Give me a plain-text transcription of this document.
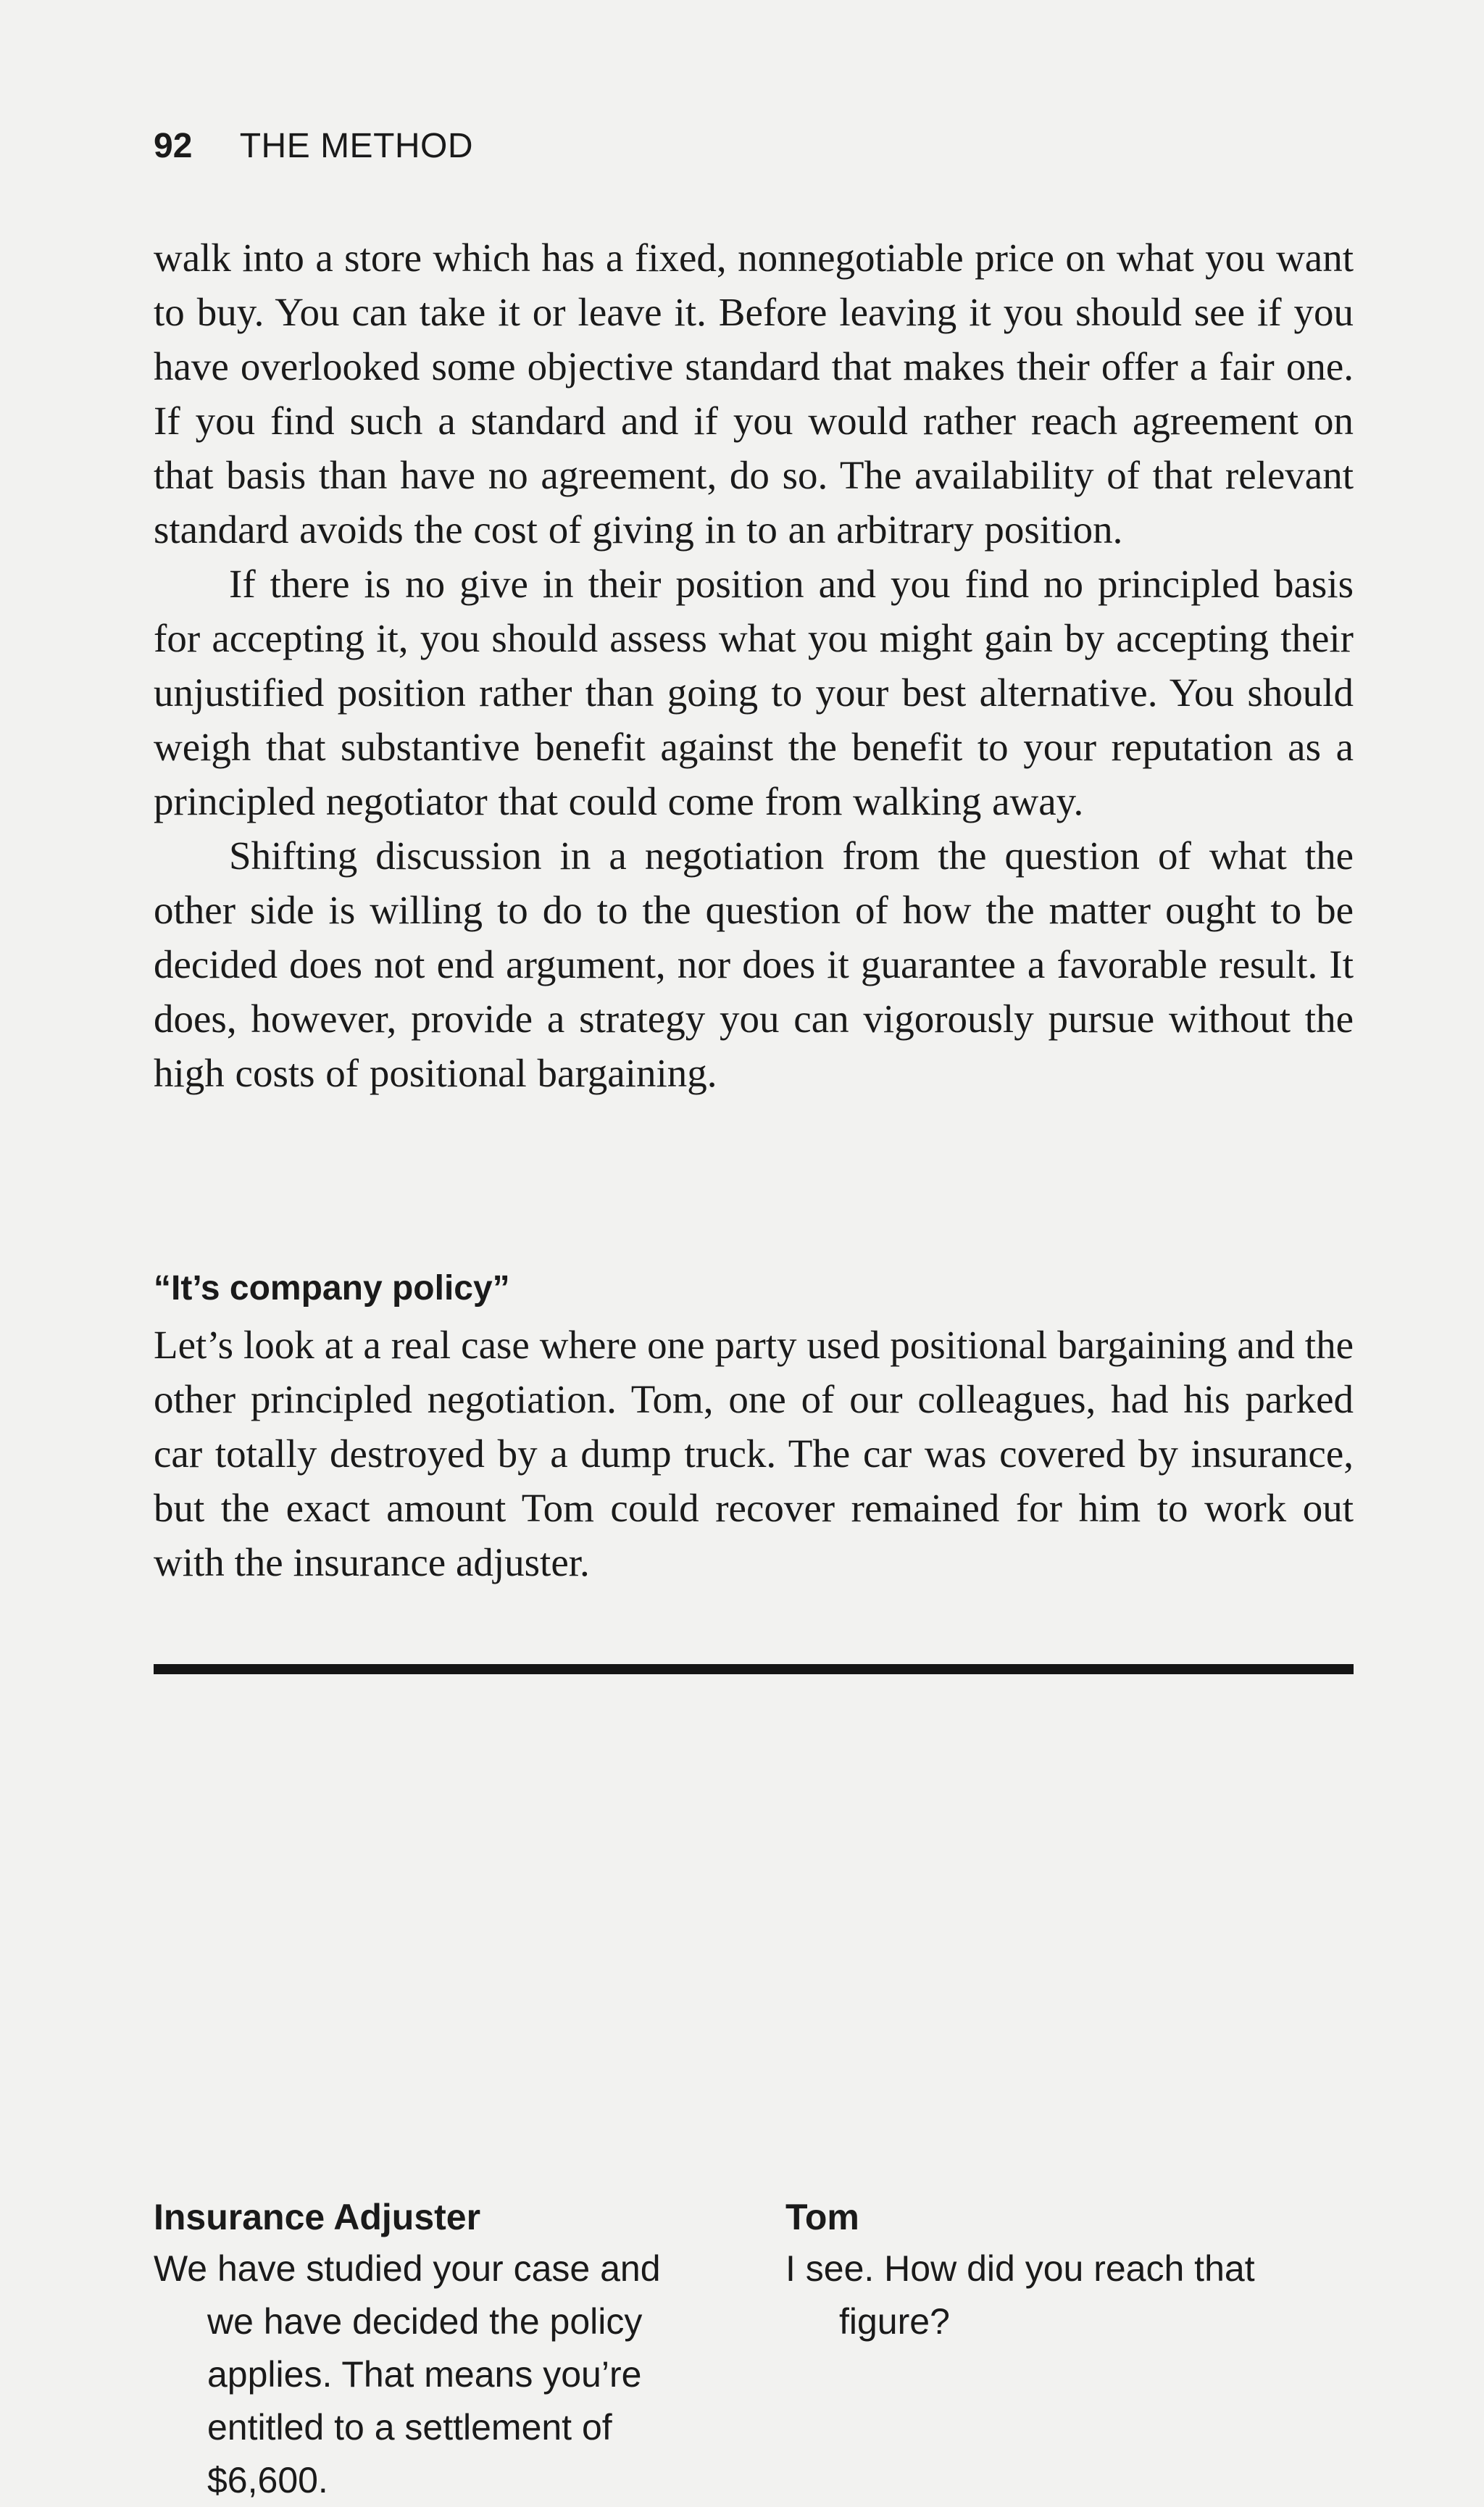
92 THE METHOD

walk into a store which has a fixed, nonnegotiable price on what you want to buy. You can take it or leave it. Before leaving it you should see if you have overlooked some objective standard that makes their offer a fair one. If you find such a standard and if you would rather reach agreement on that basis than have no agreement, do so. The availability of that relevant standard avoids the cost of giving in to an arbitrary position.

If there is no give in their position and you find no principled basis for accepting it, you should assess what you might gain by accepting their unjustified position rather than going to your best alternative. You should weigh that substantive benefit against the benefit to your reputation as a principled negotiator that could come from walking away.

Shifting discussion in a negotiation from the question of what the other side is willing to do to the question of how the matter ought to be decided does not end argument, nor does it guarantee a favorable result. It does, however, provide a strategy you can vigorously pursue without the high costs of positional bargaining.

“It’s company policy”

Let’s look at a real case where one party used positional bargaining and the other principled negotiation. Tom, one of our colleagues, had his parked car totally destroyed by a dump truck. The car was covered by insurance, but the exact amount Tom could recover remained for him to work out with the insurance adjuster.

Insurance Adjuster

We have studied your case and we have decided the policy applies. That means you’re entitled to a settlement of $6,600.

Tom

I see. How did you reach that figure?
